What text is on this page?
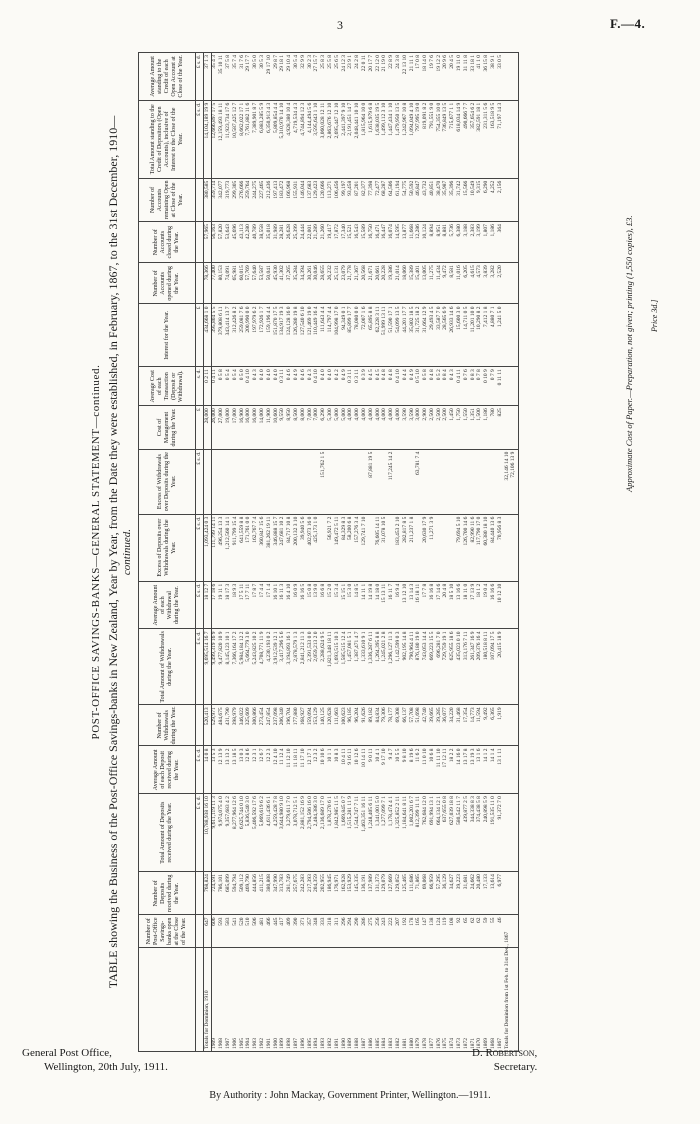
3	F.—4.
POST-OFFICE SAVINGS-BANKS—GENERAL STATEMENT—continued. TABLE showing the Business of the Post-Office Savings-banks in New Zealand, Year by Year, from the Date they were established, in February, 1867, to the 31st December, 1910— continued.
	Number of Post-Office Savings-banks open at the Close of the Year.	Number of Deposits received during the Year.	Total Amount of Deposits received during the Year.	Average Amount of each Deposit received during the Year.	Number of Withdrawals during the Year.	Total Amount of Withdrawals during the Year.	Average Amount of each Withdrawal during the Year.	Excess of Deposits over Withdrawals during the Year.	Excess of Withdrawals over Deposits during the Year.	Cost of Management during the Year.	Average Cost of each Transaction (Deposit or Withdrawal).	Interest for the Year.	Number of Accounts opened during the Year.	Number of Accounts closed during the Year.	Number of Accounts remaining Open at Close of the Year.	Total Amount standing to the Credit of Depositors (Open Accounts), inclusive of Interest to the Close of the Year.	Average Amount standing to the Credit of each Open Account at Close of the Year.
			£ s. d.	£ s. d.		£ s. d.	£ s. d.	£ s. d.	£ s. d.	£	s. d.	£				£ s. d.	£ s. d.
Totals for Dominion, 1910	647	768,824	10,788,938 16 10	14 0 8	520,413	9,695,514 16 7	18 12 7	1,093,424 0 3		28,000	0 2 11	434,668 1 0	78,366	57,965	380,585	14,104,189 19 9	37 1 3
1909	606	724,591	9,611,119 11 3	13 5 3	529,971	9,499,319 16 9	17 18 6	111,799 14 11		26,000	0 4 11	395,804 5 5	77,400	56,163	359,714	12,666,897 17 5	35 4 3
1908	593	786,101	9,974,075 4 0	12 13 9	484,675	9,477,820 10 9	19 11 1	496,254 13 3		27,000	0 5 8	379,808 6 11	80,153	57,820	342,077	12,159,493 18 11	35 10 11
1907	583	685,099	9,357,683 4 2	13 13 2	431,790	8,145,123 10 1	18 17 3	1,212,560 14 1		19,000	0 5 4	343,414 13 7	74,091	53,643	319,773	11,923,734 17 6	37 5 8
1906	541	594,794	8,277,964 12 6	13 18 5	398,979	7,366,164 17 2	18 9 3	911,799 15 4		17,000	0 5 4	312,426 8 2	65,981	45,696	299,305	10,587,425 12 7	35 7 4
1905	520	509,112	6,625,744 0 10	13 0 3	346,022	5,984,184 12 2	17 5 11	641,559 8 8		16,900	0 5 0	259,081 7 6	60,015	43,113	276,666	8,662,022 17 1	31 7 6
1904	510	469,790	5,836,540 3 0	12 8 6	325,609	5,664,779 3 0	17 7 11	171,761 0 0		16,000	0 4 10	200,990 0 0	57,769	42,280	259,764	7,761,882 11 6	29 17 7
1903	506	444,856	5,406,592 17 6	12 3 1	300,866	5,243,825 10 2	17 8 7	162,767 7 4		16,000	0 4 3	197,979 6 2	57,640	40,789	244,275	7,389,901 8 7	30 5 0
1902	481	411,215	5,069,619 6 2	12 6 7	273,454	4,708,771 11 9	17 4 4	360,847 15 6		14,000	0 4 0	172,926 1 7	53,587	38,558	227,465	6,883,285 5 9	30 5 3
1901	466	380,808	4,611,436 6 1	12 2 3	247,854	4,230,193 0 2	17 1 4	381,262 19 11		11,900	0 4 0	159,196 4 4	50,041	35,018	212,436	6,350,913 4 3	29 17 10
1900	445	347,990	4,259,428 7 8	12 4 10	237,098	3,912,539 12 1	16 10 1	346,888 15 7		10,600	0 4 0	151,870 17 5	45,930	31,989	197,413	5,809,854 4 4	29 8 7
1899	417	313,783	3,644,980 9 10	11 12 4	206,340	3,417,296 5 6	16 11 3	247,681 10 2		9,550	0 3 11	134,917 19 3	41,302	28,281	183,472	5,310,970 14 10	29 18 1
1898	409	281,749	3,279,611 7 0	11 12 10	196,704	3,194,893 16 1	16 4 10	84,717 10 8		8,950	0 4 6	124,128 16 0	37,265	26,628	166,968	4,928,380 10 4	29 10 4
1897	390	257,675	3,078,712 5 1	11 18 11	177,880	2,878,579 1 3	16 0 9	200,132 3 10		8,500	0 4 9	126,280 19 8	35,284	25,399	155,931	4,719,534 4 3	30 5 4
1896	371	242,283	2,881,152 16 9	11 17 10	168,927	2,841,212 11 3	16 16 5	39,940 5 6		8,000	0 4 6	127,540 6 10	34,394	24,444	146,044	4,744,894 12 3	32 9 9
1895	357	217,393	2,794,506 16 0	12 17 1	159,094	2,391,533 0 0	15 0 8	402,973 16 0		7,000	0 4 3	121,469 19 0	30,261	22,001	137,683	4,144,494 5 6	30 2 3
1894	348	204,359	2,484,386 3 0	12 3 2	153,129	2,059,213 2 0	13 9 0	425,173 1 0		7,000	0 4 10	110,449 16 4	30,046	21,289	129,423	3,595,643 1 10	27 15 7
1893	333	202,955	2,136,689 17 0	10 10 6	140,125	2,288,624 9 5	16 6 8		151,762 1 5	6,290	0 4 0	111,643 4 4	28,655	21,260	120,666	3,060,028 12 11	25 8 3
1892	318	186,945	1,878,270 6 1	10 1 1	120,628	1,821,348 18 11	15 2 0	56,921 7 2		5,300	0 4 0	114,797 4 4	26,232	19,417	113,271	2,863,676 12 10	25 5 8
1891	311	176,971	1,842,985 11 5	10 8 3	111,663	1,693,515 10 3	15 3 4	149,472 5 11		5,000	0 4 2	104,998 17 0	25,131	17,872	106,456	2,695,447 12 10	25 6 5
1890	296	162,928	1,669,845 0 7	10 4 11	100,623	1,585,515 12 4	15 15 1	84,329 8 3		5,000	0 4 9	94,349 0 1	23,079	17,340	99,197	2,441,397 9 10	24 12 3
1889	294	153,929	1,515,281 11 9	9 16 11	96,185	1,457,081 5 1	15 3 0	58,200 6 8		4,000	0 3 11	85,899 17 7	21,778	15,521	93,458	2,191,451 14 7	23 9 1
1888	290	145,335	1,544,747 7 11	10 12 6	96,204	1,387,471 4 7	14 8 5	157,276 3 4		4,000	0 3 11	78,080 0 0	21,367	16,543	87,201	2,048,441 10 10	24 2 8
1887	286	136,191	1,463,351 16 11	10 14 11	91,626	1,333,610 9 1	14 11 1	129,741 7 10		4,000	0 3 9	72,007 1 6	20,568	15,589	82,377	1,815,964 10 0	22 0 11
1886	275	137,989	1,248,405 6 11	9 0 11	89,182	1,336,287 6 11	14 19 8		87,881 19 5	4,000	0 4 5	65,895 8 8	21,671	16,750	77,398	1,615,979 6 8	20 17 7
1885	256	131,373	1,341,001 5 0	10 4 1	84,834	1,264,395 8 8	14 18 0	76,605 14 11		4,000	0 4 5	62,228 3 11	20,661	16,471	72,477	1,638,035 19 5	22 12 0
1884	243	129,079	1,277,099 7 1	9 17 10	79,306	1,245,021 2 8	15 13 11	31,078 10 5		4,000	0 4 8	51,999 13 11	20,228	16,447	68,287	1,499,112 3 10	21 19 0
1883	222	127,669	1,178,474 4 1	9 4 7	78,177	1,296,127 11 3	16 11 7		117,245 14 2	4,000	0 4 8	51,590 17 1	19,386	16,074	64,506	1,447,434 1 10	22 8 9
1882	207	129,052	1,325,852 2 11	10 5 5	69,308	1,142,599 0 3	16 9 4	183,453 2 10		4,000	0 4 10	54,099 13 5	21,014	14,595	61,194	1,479,950 13 5	24 3 8
1881	192	125,465	1,184,641 8 11	9 8 10	66,137	902,195 14 8	13 12 10	282,817 8 5		3,590	0 4 4	44,201 17 7	18,060	13,877	54,775	1,242,967 10 8	22 13 10
1880	178	111,686	1,002,201 6 7	8 19 6	57,708	790,964 4 11	13 14 3	211,237 1 8		3,590	0 4 9	35,802 18 5	15,389	11,668	50,592	1,094,049 4 10	21 11 1
1879	165	71,865	812,399 11 11	11 6 2	51,698	876,180 19 0	16 18 11		63,781 7 4	3,000	0 5 10	31,725 18 2	15,401	12,286	46,847	797,995 19 0	17 0 8
1878	147	69,068	762,684 12 0	11 0 10	42,740	743,053 14 4	17 7 8	20,630 17 9		2,900	0 5 8	31,664 12 9	13,005	10,124	43,732	819,091 8 2	18 14 0
1877	138	66,959	691,994 13 1	10 6 8	39,665	669,223 15 5	16 16 8	11,271 3 9		2,500	0 4 8	29,493 4 5	11,275	8,894	40,851	791,551 9 0	19 7 6
1876	124	57,295	664,134 12 1	11 11 10	39,285	696,281 7 0	17 14 6			2,500	0 5 2	33,587 7 0	11,434	8,951	38,470	754,355 10 0	19 12 2
1875	119	36,129	637,655 0 8	17 12 11	36,077	729,759 19 1	20 4 8			2,500	0 8 4	28,565 6 9	9,472	8,881	35,987	736,849 13 5	20 9 6
1874	108	34,627	627,039 18 8	18 2 2	34,220	625,955 18 6	18 5 10			1,450	0 4 3	26,933 14 6	8,581	5,736	35,396	715,677 1 1	20 4 5
1873	92	39,223	580,542 11 7	14 16 0	31,468	435,023 0 10	13 16 6	79,694 5 10		1,750	0 4 11	15,600 3 0	11,016	6,380	31,742	618,034 14 9	19 11 0
1872	65	31,681	439,877 2 5	13 17 8	17,354	313,176 7 11	18 11 0	126,700 14 6		1,550	0 7 6	14,711 0 5	6,205	3,188	15,566	490,666 7 7	31 11 8
1871	62	24,662	344,338 8 3	13 19 3	14,773	261,347 16 9	17 13 9	82,990 11 6		1,351	0 8 3	11,201 10 0	4,615	2,383	10,549	357,654 6 2	33 18 1
1870	62	20,480	374,438 5 8	13 1 6	11,594	209,376 16 4	18 1 2	117,790 17 0		1,500	0 7 8	10,290 8 2	4,573	3,199	9,315	382,591 18 1	41 1 0
1869	59	17,133	240,898 5 9	14 1 2	9,492	180,518 8 11	19 0 4	60,380 18 10		1,186	0 10 9	7,412 1 8	3,839	1,807	6,290	231,311 5 6	36 15 8
1868	55	13,614	191,535 11 0	14 1 4	6,365	107,094 17 5	16 16 6	84,440 13 6		780	0 7 9	4,880 7 1	3,282	1,186	4,252	163,518 9 5	38 9 1
1867	46	6,977	91,372 7 0	13 1 11	1,919	20,415 18 9	10 12 10	70,956 8 3		825	0 11 11	1,241 5 0	2,520	364	2,156	71,197 14 3	33 0 5
Totals for Dominion from 1st Feb. to 31st Dec., 1867									32,146 14 10								
									72,106 13 9									Approximate Cost of Paper.—Preparation, not given; printing (1,550 copies), £3. Price 3d.]
General Post Office,
Wellington, 20th July, 1911.
D. Robertson,
Secretary.
By Authority : John Mackay, Government Printer, Wellington.—1911.
